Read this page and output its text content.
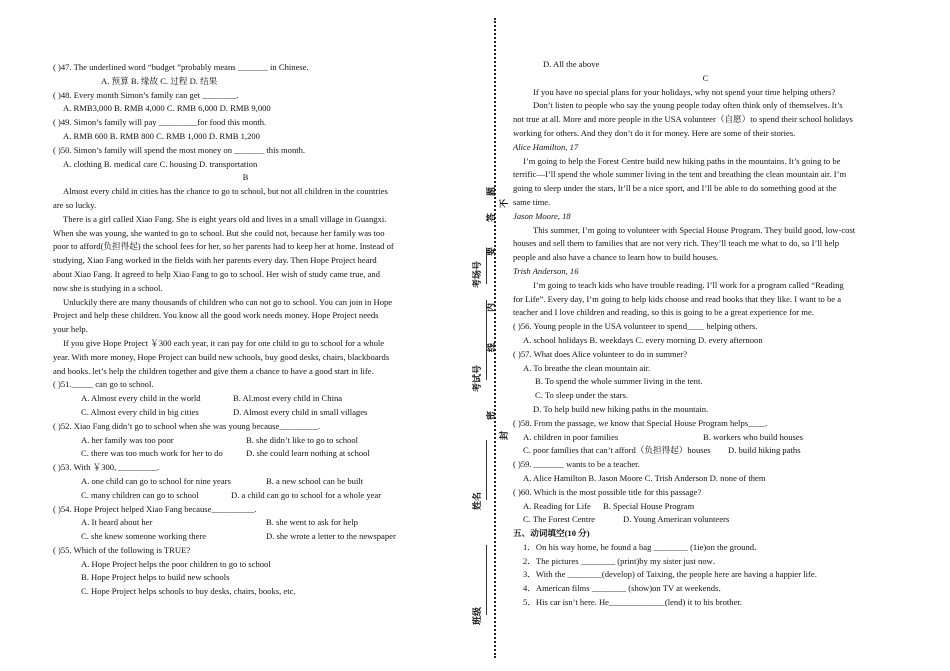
( )47. The underlined word “budget ”probably means _______ in Chinese.
A. 预算 B. 缘故 C. 过程 D. 结果
( )48. Every month Simon’s family can get ________.
A. RMB3,000 B. RMB 4,000 C. RMB 6,000 D. RMB 9,000
( )49. Simon’s family will pay _________for food this month.
A. RMB 600 B. RMB 800 C. RMB 1,000 D. RMB 1,200
( )50. Simon’s family will spend the most money on _______ this month.
A. clothing B. medical care C. housing D. transportation
B
Almost every child in cities has the chance to go to school, but not all children in the countries
are so lucky.
There is a girl called Xiao Fang. She is eight years old and lives in a small village in Guangxi.
When she was young, she wanted to go to school. But she could not, because her family was too
poor to afford(负担得起) the school fees for her, so her parents had to keep her at home. Instead of
studying, Xiao Fang worked in the fields with her parents every day. Then Hope Project heard
about Xiao Fang. It agreed to help Xiao Fang to go to school. Her wish of study came true, and
now she is studying in a school.
Unluckily there are many thousands of children who can not go to school. You can join in Hope
Project and help these children. You know all the good work needs money. Hope Project needs
your help.
If you give Hope Project ￥300 each year, it can pay for one child to go to school for a whole
year. With more money, Hope Project can build new schools, buy good desks, chairs, blackboards
and books. let’s help the children together and give them a chance to have a good start in life.
( )51._____ can go to school.
A. Almost every child in the world	B. Al.most every child in China
C. Almost every child in big cities	D. Almost every child in small villages
( )52. Xiao Fang didn’t go to school when she was young because_________.
A. her family was too poor	B. she didn’t like to go to school
C. there was too much work for her to do	D. she could learn nothing at school
( )53. With ￥300, _________.
A. one child can go to school for nine years	B. a new school can be built
C. many children can go to school	D. a child can go to school for a whole year
( )54. Hope Project helped Xiao Fang because__________.
A. It heard about her	B. she went to ask for help
C. she knew someone working there	D. she wrote a letter to the newspaper
( )55. Which of the following is TRUE?
A. Hope Project helps the poor children to go to school
B. Hope Project helps to build new schools
C. Hope Project helps schools to buy desks, chairs, books, etc.
题
答
要
内
线
密
不
封
考场号
考试号
姓名
班级
D. All the above
C
If you have no special plans for your holidays, why not spend your time helping others?
Don’t listen to people who say the young people today often think only of themselves. It’s
not true at all. More and more people in the USA volunteer（自愿）to spend their school holidays
working for others. And they don’t do it for money. Here are some of their stories.
Alice Hamilton, 17
I’m going to help the Forest Centre build new hiking paths in the mountains. It’s going to be
terrific—I’ll spend the whole summer living in the tent and breathing the clean mountain air. I’m
going to sleep under the stars, It’ll be a nice sport, and I’ll be able to do something good at the
same time.
Jason Moore, 18
This summer, I’m going to volunteer with Special House Program. They build good, low-cost
houses and sell them to families that are not very rich. They’ll teach me what to do, so I’ll help
people and also have a chance to learn how to build houses.
Trish Anderson, 16
I’m going to teach kids who have trouble reading. I’ll work for a program called “Reading
for Life”. Every day, I’m going to help kids choose and read books that they like. I want to be a
teacher and I love children and reading, so this is going to be a great experience for me.
( )56. Young people in the USA volunteer to spend____ helping others.
A. school holidays B. weekdays C. every morning D. every afternoon
( )57. What does Alice volunteer to do in summer?
A. To breathe the clean mountain air.
B. To spend the whole summer living in the tent.
C. To sleep under the stars.
D. To help build new hiking paths in the mountain.
( )58. From the passage, we know that Special House Program helps____.
A. children in poor families	B. workers who build houses
C. poor families that can’t afford（负担得起）houses D. build hiking paths
( )59. _______ wants to be a teacher.
A. Alice Hamilton B. Jason Moore C. Trish Anderson D. none of them
( )60. Which is the most possible title for this passage?
A. Reading for Life B. Special House Program
C. The Forest Centre	D. Young American volunteers
五、动词填空(10 分)
1．On his way home, he found a bag ________ (1ie)on the ground．
2．The pictures ________ (print)by my sister just now．
3．With the ________(develop) of Taixing, the people here are having a happier life.
4．American films ________ (show)on TV at weekends．
5．His car isn’t here. He_____________(lend) it to his brother.
